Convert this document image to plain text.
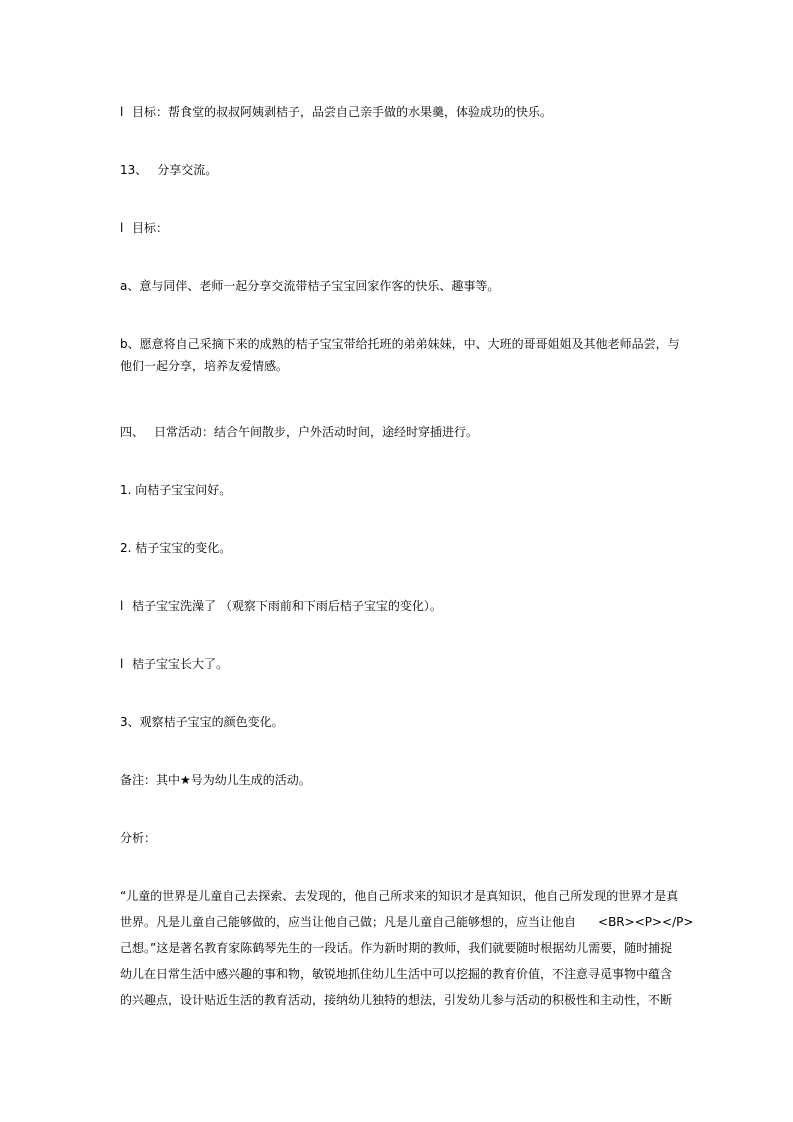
l 目标：帮食堂的叔叔阿姨剥桔子，品尝自己亲手做的水果羹，体验成功的快乐。
13、 分享交流。
l 目标：
a、意与同伴、老师一起分享交流带桔子宝宝回家作客的快乐、趣事等。
b、愿意将自己采摘下来的成熟的桔子宝宝带给托班的弟弟妹妹，中、大班的哥哥姐姐及其他老师品尝，与
他们一起分享，培养友爱情感。
四、 日常活动：结合午间散步，户外活动时间，途经时穿插进行。
1. 向桔子宝宝问好。
2. 桔子宝宝的变化。
l 桔子宝宝洗澡了 （观察下雨前和下雨后桔子宝宝的变化）。
l 桔子宝宝长大了。
3、观察桔子宝宝的颜色变化。
备注：其中★号为幼儿生成的活动。
分析：
“儿童的世界是儿童自己去探索、去发现的，他自己所求来的知识才是真知识，他自己所发现的世界才是真
世界。凡是儿童自己能够做的，应当让他自己做；凡是儿童自己能够想的，应当让他自 <BR><P></P>
己想。”这是著名教育家陈鹤琴先生的一段话。作为新时期的教师，我们就要随时根据幼儿需要，随时捕捉
幼儿在日常生活中感兴趣的事和物，敏锐地抓住幼儿生活中可以挖掘的教育价值，不注意寻觅事物中蕴含
的兴趣点，设计贴近生活的教育活动，接纳幼儿独特的想法，引发幼儿参与活动的积极性和主动性，不断
